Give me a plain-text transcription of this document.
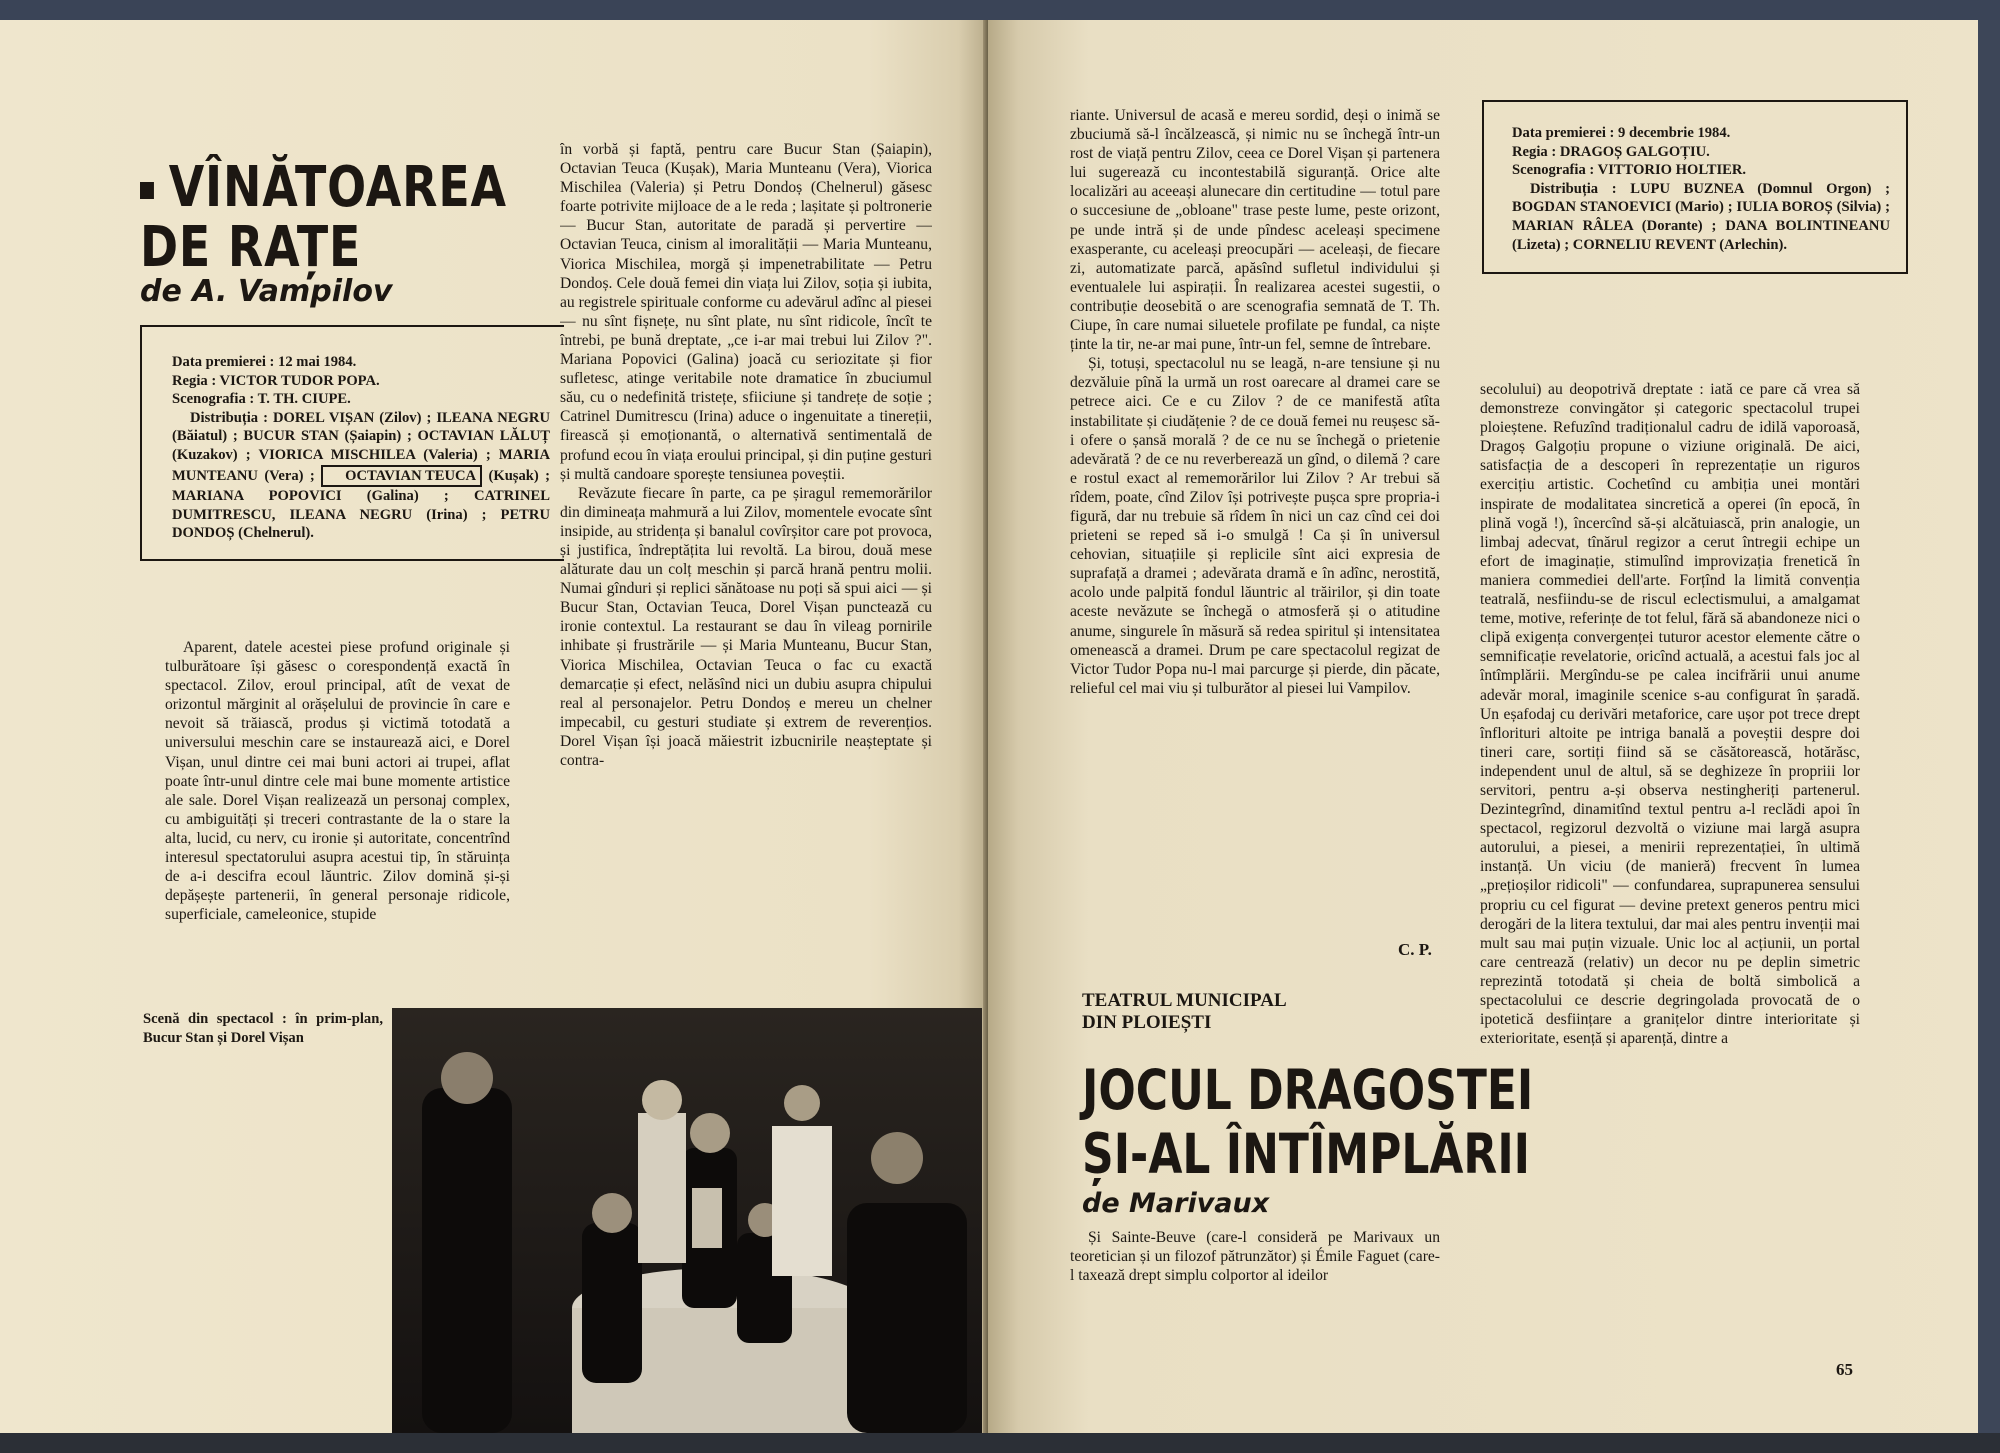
VÎNĂTOAREA
DE RAȚE
de A. Vampilov
Data premierei : 12 mai 1984.
Regia : VICTOR TUDOR POPA.
Scenografia : T. TH. CIUPE.
Distribuția : DOREL VIȘAN (Zilov) ; ILEANA NEGRU (Băiatul) ; BUCUR STAN (Șaiapin) ; OCTAVIAN LĂLUȚ (Kuzakov) ; VIORICA MISCHILEA (Valeria) ; MARIA MUNTEANU (Vera) ; OCTAVIAN TEUCA (Kușak) ; MARIANA POPOVICI (Galina) ; CATRINEL DUMITRESCU, ILEANA NEGRU (Irina) ; PETRU DONDOȘ (Chelnerul).

Aparent, datele acestei piese profund originale și tulburătoare își găsesc o corespondență exactă în spectacol. Zilov, eroul principal, atît de vexat de orizontul mărginit al orășelului de provincie în care e nevoit să trăiască, produs și victimă totodată a universului meschin care se instaurează aici, e Dorel Vișan, unul dintre cei mai buni actori ai trupei, aflat poate într-unul dintre cele mai bune momente artistice ale sale. Dorel Vișan realizează un personaj complex, cu ambiguități și treceri contrastante de la o stare la alta, lucid, cu nerv, cu ironie și autoritate, concentrînd interesul spectatorului asupra acestui tip, în stăruința de a-i descifra ecoul lăuntric. Zilov domină și-și depășește partenerii, în general personaje ridicole, superficiale, cameleonice, stupide

în vorbă și faptă, pentru care Bucur Stan (Șaiapin), Octavian Teuca (Kușak), Maria Munteanu (Vera), Viorica Mischilea (Valeria) și Petru Dondoș (Chelnerul) găsesc foarte potrivite mijloace de a le reda ; lașitate și poltronerie — Bucur Stan, autoritate de paradă și pervertire — Octavian Teuca, cinism al imoralității — Maria Munteanu, Viorica Mischilea, morgă și impenetrabilitate — Petru Dondoș. Cele două femei din viața lui Zilov, soția și iubita, au registrele spirituale conforme cu adevărul adînc al piesei — nu sînt fișnețe, nu sînt plate, nu sînt ridicole, încît te întrebi, pe bună dreptate, „ce i-ar mai trebui lui Zilov ?". Mariana Popovici (Galina) joacă cu seriozitate și fior sufletesc, atinge veritabile note dramatice în zbuciumul său, cu o nedefinită tristețe, sfiiciune și tandrețe de soție ; Catrinel Dumitrescu (Irina) aduce o ingenuitate a tinereții, firească și emoționantă, o alternativă sentimentală de profund ecou în viața eroului principal, și din puține gesturi și multă candoare sporește tensiunea poveștii.

Revăzute fiecare în parte, ca pe șiragul rememorărilor din dimineața mahmură a lui Zilov, momentele evocate sînt insipide, au stridența și banalul covîrșitor care pot provoca, și justifica, îndreptățita lui revoltă. La birou, două mese alăturate dau un colț meschin și parcă hrană pentru molii. Numai gînduri și replici sănătoase nu poți să spui aici — și Bucur Stan, Octavian Teuca, Dorel Vișan punctează cu ironie contextul. La restaurant se dau în vileag pornirile inhibate și frustrările — și Maria Munteanu, Bucur Stan, Viorica Mischilea, Octavian Teuca o fac cu exactă demarcație și efect, nelăsînd nici un dubiu asupra chipului real al personajelor. Petru Dondoș e mereu un chelner impecabil, cu gesturi studiate și extrem de reverențios. Dorel Vișan își joacă măiestrit izbucnirile neașteptate și contra-

Scenă din spectacol : în prim-plan, Bucur Stan și Dorel Vișan

riante. Universul de acasă e mereu sordid, deși o inimă se zbuciumă să-l încălzească, și nimic nu se închegă într-un rost de viață pentru Zilov, ceea ce Dorel Vișan și partenera lui sugerează cu incontestabilă siguranță. Orice alte localizări au aceeași alunecare din certitudine — totul pare o succesiune de „obloane" trase peste lume, peste orizont, pe unde intră și de unde pîndesc aceleași specimene exasperante, cu aceleași preocupări — aceleași, de fiecare zi, automatizate parcă, apăsînd sufletul individului și eventualele lui aspirații. În realizarea acestei sugestii, o contribuție deosebită o are scenografia semnată de T. Th. Ciupe, în care numai siluetele profilate pe fundal, ca niște ținte la tir, ne-ar mai pune, într-un fel, semne de întrebare.

Și, totuși, spectacolul nu se leagă, n-are tensiune și nu dezvăluie pînă la urmă un rost oarecare al dramei care se petrece aici. Ce e cu Zilov ? de ce manifestă atîta instabilitate și ciudățenie ? de ce două femei nu reușesc să-i ofere o șansă morală ? de ce nu se închegă o prietenie adevărată ? de ce nu reverberează un gînd, o dilemă ? care e rostul exact al rememorărilor lui Zilov ? Ar trebui să rîdem, poate, cînd Zilov își potrivește pușca spre propria-i figură, dar nu trebuie să rîdem în nici un caz cînd cei doi prieteni se reped să i-o smulgă ! Ca și în universul cehovian, situațiile și replicile sînt aici expresia de suprafață a dramei ; adevărata dramă e în adînc, nerostită, acolo unde palpită fondul lăuntric al trăirilor, și din toate aceste nevăzute se închegă o atmosferă și o atitudine anume, singurele în măsură să redea spiritul și intensitatea omenească a dramei. Drum pe care spectacolul regizat de Victor Tudor Popa nu-l mai parcurge și pierde, din păcate, relieful cel mai viu și tulburător al piesei lui Vampilov.

C. P.
TEATRUL MUNICIPAL
DIN PLOIEȘTI
JOCUL DRAGOSTEI
ȘI-AL ÎNTÎMPLĂRII
de Marivaux

Și Sainte-Beuve (care-l consideră pe Marivaux un teoretician și un filozof pătrunzător) și Émile Faguet (care-l taxează drept simplu colportor al ideilor

Data premierei : 9 decembrie 1984.
Regia : DRAGOȘ GALGOȚIU.
Scenografia : VITTORIO HOLTIER.
Distribuția : LUPU BUZNEA (Domnul Orgon) ; BOGDAN STANOEVICI (Mario) ; IULIA BOROȘ (Silvia) ; MARIAN RÂLEA (Dorante) ; DANA BOLINTINEANU (Lizeta) ; CORNELIU REVENT (Arlechin).

secolului) au deopotrivă dreptate : iată ce pare că vrea să demonstreze convingător și categoric spectacolul trupei ploieștene. Refuzînd tradiționalul cadru de idilă vaporoasă, Dragoș Galgoțiu propune o viziune originală. De aici, satisfacția de a descoperi în reprezentație un riguros exercițiu artistic. Cochetînd cu ambiția unei montări inspirate de modalitatea sincretică a operei (în epocă, în plină vogă !), încercînd să-și alcătuiască, prin analogie, un limbaj adecvat, tînărul regizor a cerut întregii echipe un efort de imaginație, stimulînd improvizația frenetică în maniera commediei dell'arte. Forțînd la limită convenția teatrală, nesfiindu-se de riscul eclectismului, a amalgamat teme, motive, referințe de tot felul, fără să abandoneze nici o clipă exigența convergenței tuturor acestor elemente către o semnificație revelatorie, oricînd actuală, a acestui fals joc al întîmplării. Mergîndu-se pe calea incifrării unui anume adevăr moral, imaginile scenice s-au configurat în șaradă. Un eșafodaj cu derivări metaforice, care ușor pot trece drept înflorituri altoite pe intriga banală a poveștii despre doi tineri care, sortiți fiind să se căsătorească, hotărăsc, independent unul de altul, să se deghizeze în propriii lor servitori, pentru a-și observa nestingheriți partenerul. Dezintegrînd, dinamitînd textul pentru a-l reclădi apoi în spectacol, regizorul dezvoltă o viziune mai largă asupra autorului, a piesei, a menirii reprezentației, în ultimă instanță. Un viciu (de manieră) frecvent în lumea „prețioșilor ridicoli" — confundarea, suprapunerea sensului propriu cu cel figurat — devine pretext generos pentru mici derogări de la litera textului, dar mai ales pentru invenții mai mult sau mai puțin vizuale. Unic loc al acțiunii, un portal care centrează (relativ) un decor nu pe deplin simetric reprezintă totodată și cheia de boltă simbolică a spectacolului ce descrie degringolada provocată de o ipotetică desființare a granițelor dintre interioritate și exterioritate, esență și aparență, dintre a

65
